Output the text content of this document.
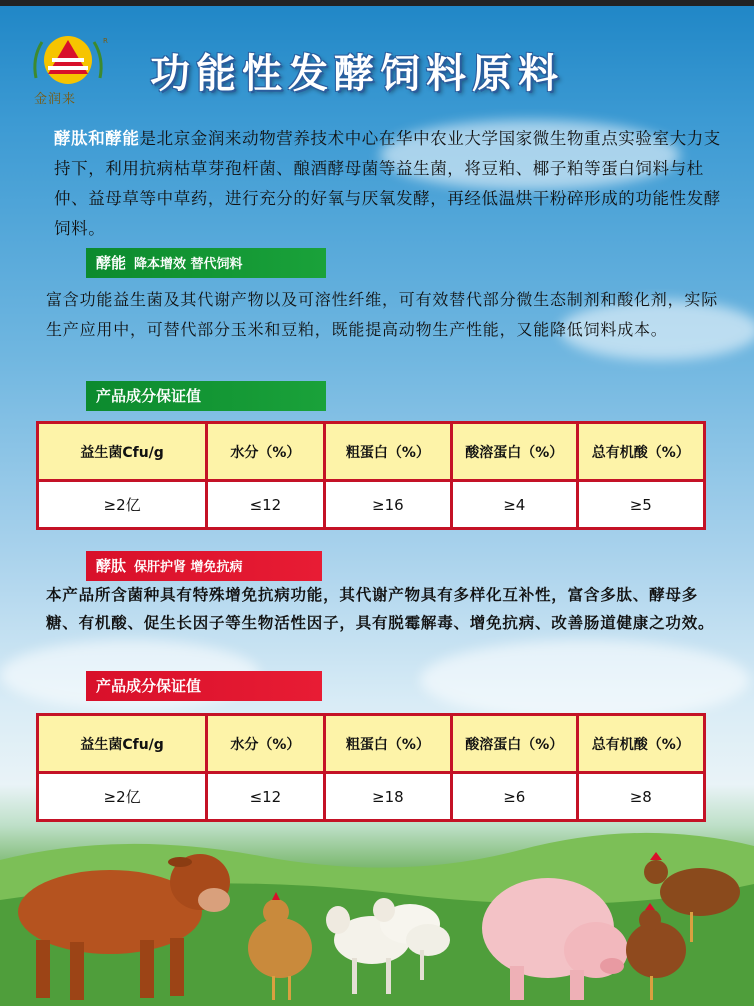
R
金润来
功能性发酵饲料原料
酵肽和酵能是北京金润来动物营养技术中心在华中农业大学国家微生物重点实验室大力支持下，利用抗病枯草芽孢杆菌、酿酒酵母菌等益生菌，将豆粕、椰子粕等蛋白饲料与杜仲、益母草等中草药，进行充分的好氧与厌氧发酵，再经低温烘干粉碎形成的功能性发酵饲料。
酵能 降本增效 替代饲料
富含功能益生菌及其代谢产物以及可溶性纤维，可有效替代部分微生态制剂和酸化剂，实际生产应用中，可替代部分玉米和豆粕，既能提高动物生产性能，又能降低饲料成本。
产品成分保证值
益生菌Cfu/g	水分（%）	粗蛋白（%）	酸溶蛋白（%）	总有机酸（%）
≥2亿	≤12	≥16	≥4	≥5
酵肽 保肝护肾 增免抗病
本产品所含菌种具有特殊增免抗病功能，其代谢产物具有多样化互补性，富含多肽、酵母多糖、有机酸、促生长因子等生物活性因子，具有脱霉解毒、增免抗病、改善肠道健康之功效。
产品成分保证值
益生菌Cfu/g	水分（%）	粗蛋白（%）	酸溶蛋白（%）	总有机酸（%）
≥2亿	≤12	≥18	≥6	≥8
